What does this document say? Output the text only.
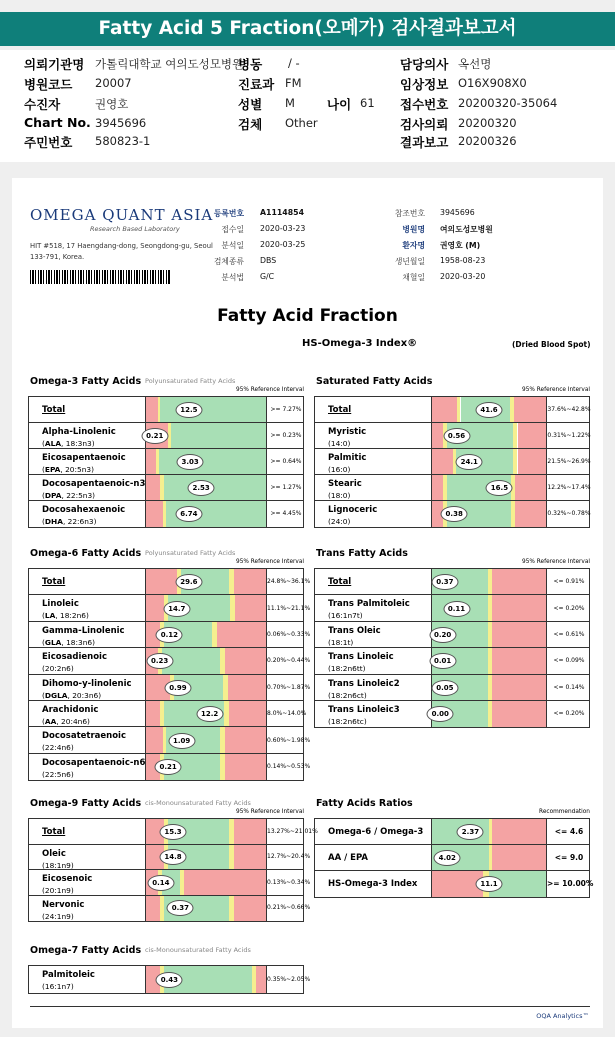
Fatty Acid 5 Fraction(오메가) 검사결과보고서
의뢰기관명 가톨릭대학교 여의도성모병원
병원코드 20007
수진자	권영호
Chart No. 3945696
주민번호 580823-1
병동 / -
진료과 FM
성별 M
검체 Other
나이 61
담당의사 옥선명
임상정보 O16X908X0
접수번호 20200320-35064
검사의뢰 20200320
결과보고 20200326
OMEGA QUANT ASIA
Research Based Laboratory
HIT #518, 17 Haengdang-dong, Seongdong-gu, Seoul 133-791, Korea.
등록번호 A1114854
접수일 2020-03-23
분석일 2020-03-25
검체종류 DBS
분석법 G/C
참조번호 3945696
병원명 여의도성모병원
환자명 권영호 (M)
생년월일 1958-08-23
채혈일 2020-03-20
Fatty Acid Fraction
HS-Omega-3 Index®	(Dried Blood Spot)
Omega-3 Fatty Acids Polyunsaturated Fatty Acids
95% Reference Interval
Total	12.5	>= 7.27%
Alpha-Linolenic
(ALA, 18:3n3)
0.21	>= 0.23%
Eicosapentaenoic
(EPA, 20:5n3)
3.03	>= 0.64%
Docosapentaenoic-n3
(DPA, 22:5n3)
2.53	>= 1.27%
Docosahexaenoic
(DHA, 22:6n3)
6.74	>= 4.45%
Saturated Fatty Acids
95% Reference Interval
Total	41.6	37.6%~42.8%
Myristic
(14:0)
0.56	0.31%~1.22%
Palmitic
(16:0)
24.1	21.5%~26.9%
Stearic
(18:0)
16.5	12.2%~17.4%
Lignoceric
(24:0)
0.38	0.32%~0.78%
Omega-6 Fatty Acids Polyunsaturated Fatty Acids
95% Reference Interval
Total	29.6	24.8%~36.1%
Linoleic
(LA, 18:2n6)
14.7	11.1%~21.1%
Gamma-Linolenic
(GLA, 18:3n6)
0.12	0.06%~0.33%
Eicosadienoic
(20:2n6)
0.23	0.20%~0.44%
Dihomo-y-linolenic
(DGLA, 20:3n6)
0.99	0.70%~1.87%
Arachidonic
(AA, 20:4n6)
12.2	8.0%~14.0%
Docosatetraenoic
(22:4n6)
1.09	0.60%~1.98%
Docosapentaenoic-n6
(22:5n6)
0.21	0.14%~0.53%
Trans Fatty Acids
95% Reference Interval
Total	0.37	<= 0.91%
Trans Palmitoleic
(16:1n7t)
0.11	<= 0.20%
Trans Oleic
(18:1t)
0.20	<= 0.61%
Trans Linoleic
(18:2n6tt)
0.01	<= 0.09%
Trans Linoleic2
(18:2n6ct)
0.05	<= 0.14%
Trans Linoleic3
(18:2n6tc)
0.00	<= 0.20%
Omega-9 Fatty Acids cis-Monounsaturated Fatty Acids
95% Reference Interval
Total	15.3	13.27%~21.01%
Oleic
(18:1n9)
14.8	12.7%~20.4%
Eicosenoic
(20:1n9)
0.14	0.13%~0.34%
Nervonic
(24:1n9)
0.37	0.21%~0.66%
Fatty Acids Ratios
Recommendation
Omega-6 / Omega-3	2.37	<= 4.6
AA / EPA	4.02	<= 9.0
HS-Omega-3 Index	11.1	>= 10.00%
Omega-7 Fatty Acids cis-Monounsaturated Fatty Acids
Palmitoleic
(16:1n7)
0.43	0.35%~2.05%
OQA Analytics™
